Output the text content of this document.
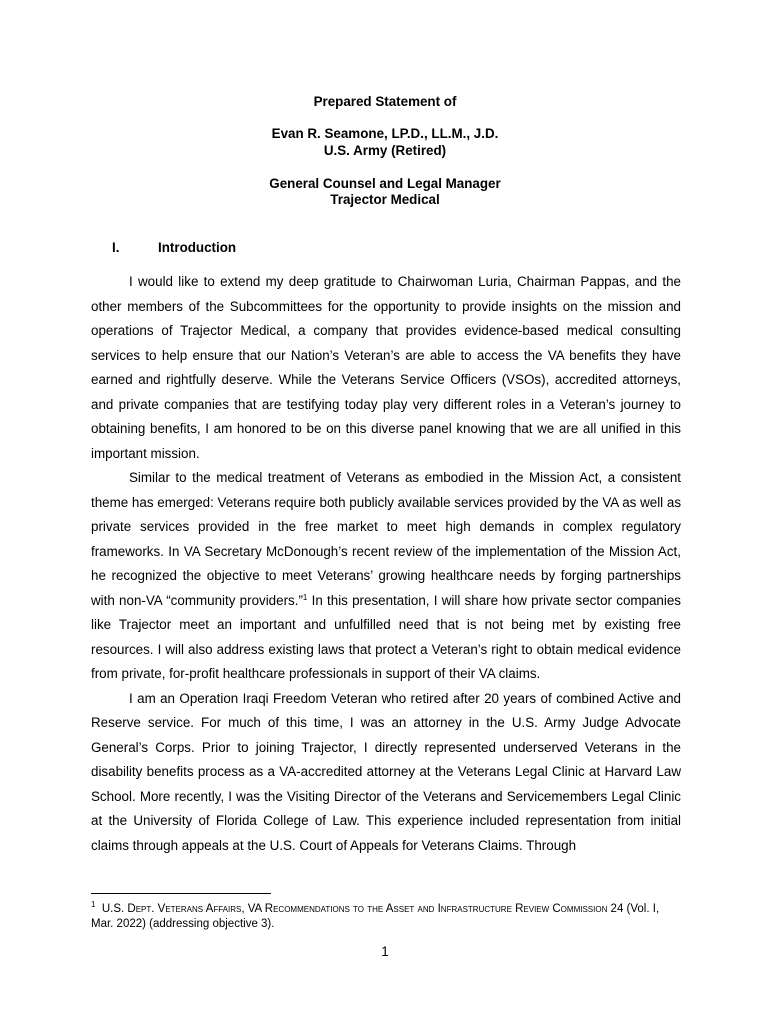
Prepared Statement of
Evan R. Seamone, LP.D., LL.M., J.D.
U.S. Army (Retired)
General Counsel and Legal Manager
Trajector Medical
I.	Introduction

I would like to extend my deep gratitude to Chairwoman Luria, Chairman Pappas, and the other members of the Subcommittees for the opportunity to provide insights on the mission and operations of Trajector Medical, a company that provides evidence-based medical consulting services to help ensure that our Nation’s Veteran’s are able to access the VA benefits they have earned and rightfully deserve. While the Veterans Service Officers (VSOs), accredited attorneys, and private companies that are testifying today play very different roles in a Veteran’s journey to obtaining benefits, I am honored to be on this diverse panel knowing that we are all unified in this important mission.

Similar to the medical treatment of Veterans as embodied in the Mission Act, a consistent theme has emerged: Veterans require both publicly available services provided by the VA as well as private services provided in the free market to meet high demands in complex regulatory frameworks. In VA Secretary McDonough’s recent review of the implementation of the Mission Act, he recognized the objective to meet Veterans’ growing healthcare needs by forging partnerships with non-VA “community providers.”$^1$ In this presentation, I will share how private sector companies like Trajector meet an important and unfulfilled need that is not being met by existing free resources. I will also address existing laws that protect a Veteran’s right to obtain medical evidence from private, for-profit healthcare professionals in support of their VA claims.

I am an Operation Iraqi Freedom Veteran who retired after 20 years of combined Active and Reserve service. For much of this time, I was an attorney in the U.S. Army Judge Advocate General’s Corps. Prior to joining Trajector, I directly represented underserved Veterans in the disability benefits process as a VA-accredited attorney at the Veterans Legal Clinic at Harvard Law School. More recently, I was the Visiting Director of the Veterans and Servicemembers Legal Clinic at the University of Florida College of Law. This experience included representation from initial claims through appeals at the U.S. Court of Appeals for Veterans Claims. Through

$^1$ U.S. Dept. Veterans Affairs, VA Recommendations to the Asset and Infrastructure Review Commission 24 (Vol. I, Mar. 2022) (addressing objective 3).
1
